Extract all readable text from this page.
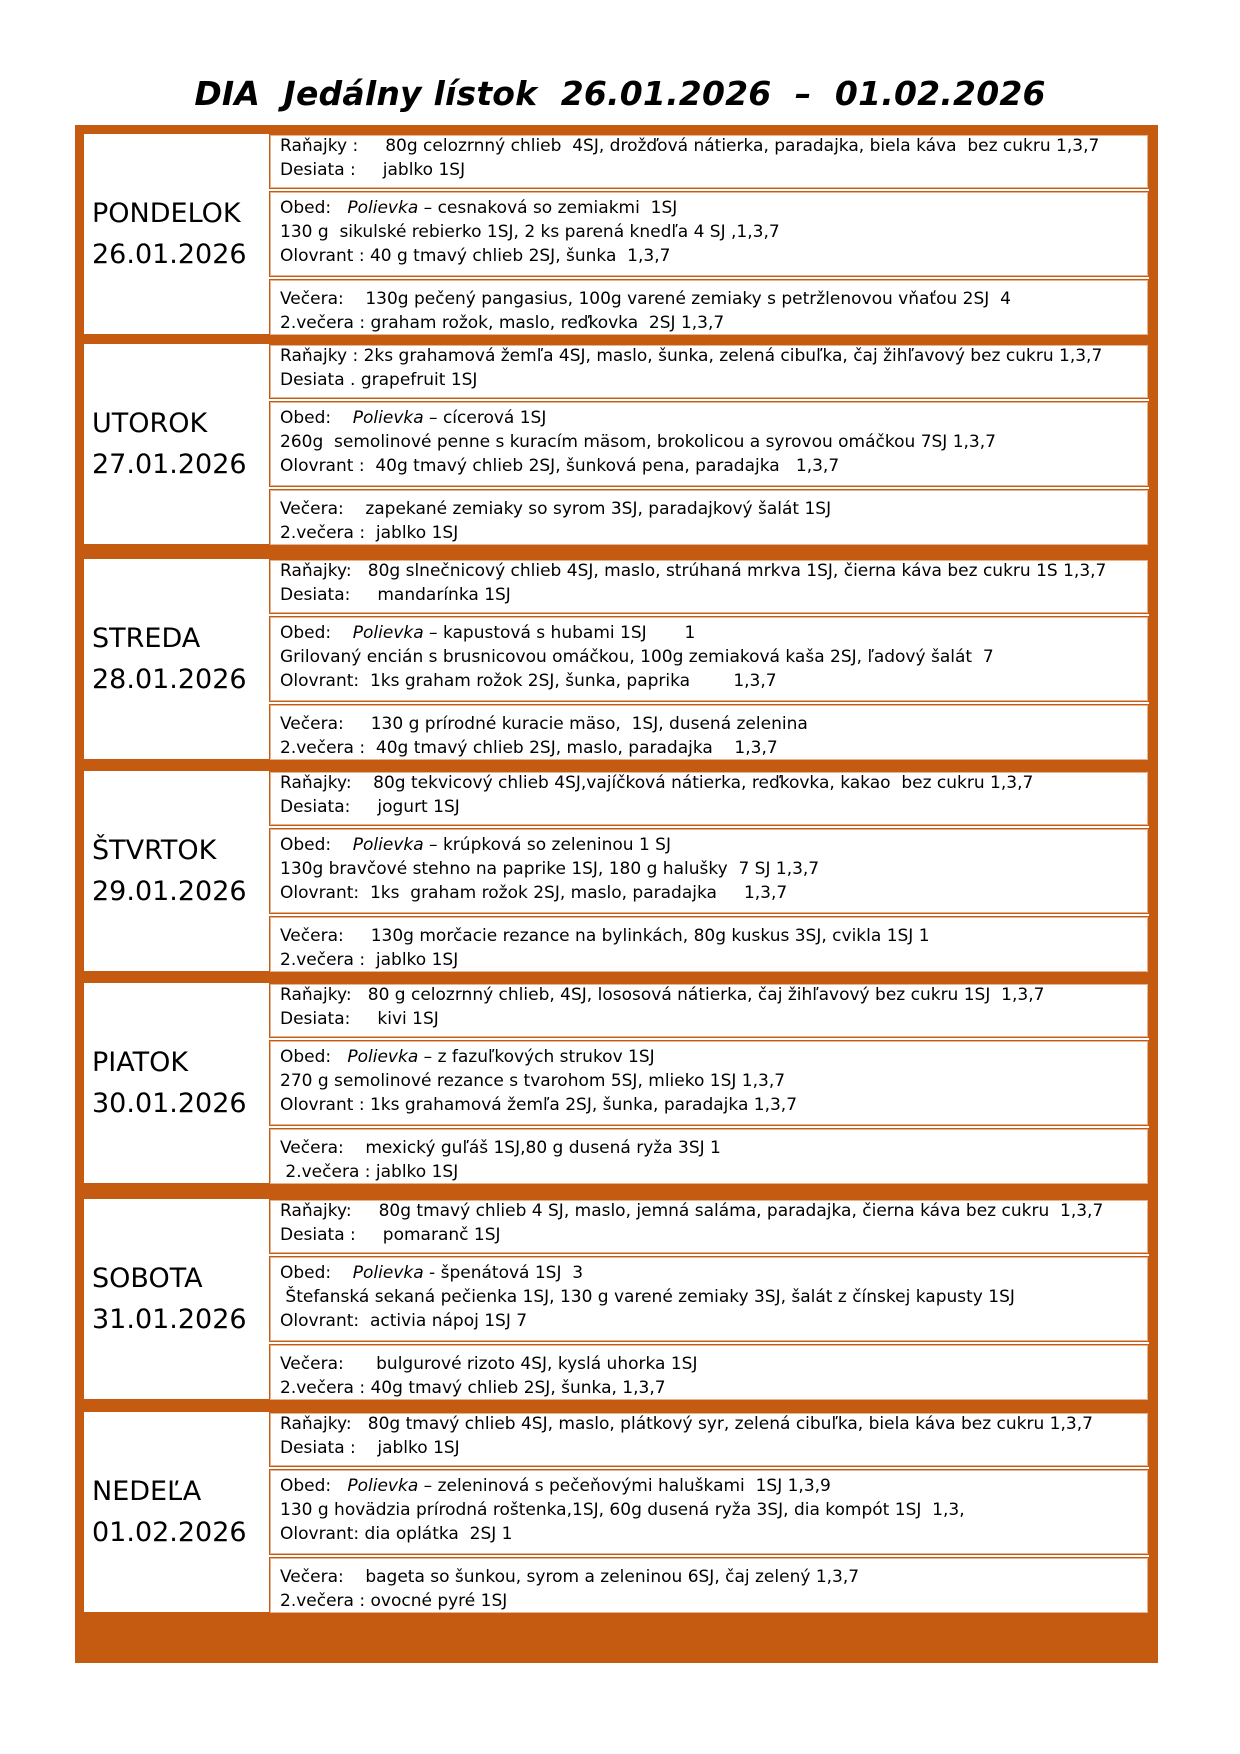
DIA  Jedálny lístok  26.01.2026  –  01.02.2026
PONDELOK
26.01.2026
Raňajky :     80g celozrnný chlieb  4SJ, drožďová nátierka, paradajka, biela káva  bez cukru 1,3,7
Desiata :     jablko 1SJ
Obed:   Polievka – cesnaková so zemiakmi  1SJ
130 g  sikulské rebierko 1SJ, 2 ks parená knedľa 4 SJ ,1,3,7
Olovrant : 40 g tmavý chlieb 2SJ, šunka  1,3,7
Večera:    130g pečený pangasius, 100g varené zemiaky s petržlenovou vňaťou 2SJ  4
2.večera : graham rožok, maslo, reďkovka  2SJ 1,3,7
UTOROK
27.01.2026
Raňajky : 2ks grahamová žemľa 4SJ, maslo, šunka, zelená cibuľka, čaj žihľavový bez cukru 1,3,7
Desiata . grapefruit 1SJ
Obed:    Polievka – cícerová 1SJ
260g  semolinové penne s kuracím mäsom, brokolicou a syrovou omáčkou 7SJ 1,3,7
Olovrant :  40g tmavý chlieb 2SJ, šunková pena, paradajka   1,3,7
Večera:    zapekané zemiaky so syrom 3SJ, paradajkový šalát 1SJ
2.večera :  jablko 1SJ
STREDA
28.01.2026
Raňajky:   80g slnečnicový chlieb 4SJ, maslo, strúhaná mrkva 1SJ, čierna káva bez cukru 1S 1,3,7
Desiata:     mandarínka 1SJ
Obed:    Polievka – kapustová s hubami 1SJ       1
Grilovaný encián s brusnicovou omáčkou, 100g zemiaková kaša 2SJ, ľadový šalát  7
Olovrant:  1ks graham rožok 2SJ, šunka, paprika        1,3,7
Večera:     130 g prírodné kuracie mäso,  1SJ, dusená zelenina
2.večera :  40g tmavý chlieb 2SJ, maslo, paradajka    1,3,7
ŠTVRTOK
29.01.2026
Raňajky:    80g tekvicový chlieb 4SJ,vajíčková nátierka, reďkovka, kakao  bez cukru 1,3,7
Desiata:     jogurt 1SJ
Obed:    Polievka – krúpková so zeleninou 1 SJ
130g bravčové stehno na paprike 1SJ, 180 g halušky  7 SJ 1,3,7
Olovrant:  1ks  graham rožok 2SJ, maslo, paradajka     1,3,7
Večera:     130g morčacie rezance na bylinkách, 80g kuskus 3SJ, cvikla 1SJ 1
2.večera :  jablko 1SJ
PIATOK
30.01.2026
Raňajky:   80 g celozrnný chlieb, 4SJ, lososová nátierka, čaj žihľavový bez cukru 1SJ  1,3,7
Desiata:     kivi 1SJ
Obed:   Polievka – z fazuľkových strukov 1SJ
270 g semolinové rezance s tvarohom 5SJ, mlieko 1SJ 1,3,7
Olovrant : 1ks grahamová žemľa 2SJ, šunka, paradajka 1,3,7
Večera:    mexický guľáš 1SJ,80 g dusená ryža 3SJ 1
2.večera : jablko 1SJ
SOBOTA
31.01.2026
Raňajky:     80g tmavý chlieb 4 SJ, maslo, jemná saláma, paradajka, čierna káva bez cukru  1,3,7
Desiata :     pomaranč 1SJ
Obed:    Polievka - špenátová 1SJ  3
Štefanská sekaná pečienka 1SJ, 130 g varené zemiaky 3SJ, šalát z čínskej kapusty 1SJ
Olovrant:  activia nápoj 1SJ 7
Večera:      bulgurové rizoto 4SJ, kyslá uhorka 1SJ
2.večera : 40g tmavý chlieb 2SJ, šunka, 1,3,7
NEDEĽA
01.02.2026
Raňajky:   80g tmavý chlieb 4SJ, maslo, plátkový syr, zelená cibuľka, biela káva bez cukru 1,3,7
Desiata :    jablko 1SJ
Obed:   Polievka – zeleninová s pečeňovými haluškami  1SJ 1,3,9
130 g hovädzia prírodná roštenka,1SJ, 60g dusená ryža 3SJ, dia kompót 1SJ  1,3,
Olovrant: dia oplátka  2SJ 1
Večera:    bageta so šunkou, syrom a zeleninou 6SJ, čaj zelený 1,3,7
2.večera : ovocné pyré 1SJ
